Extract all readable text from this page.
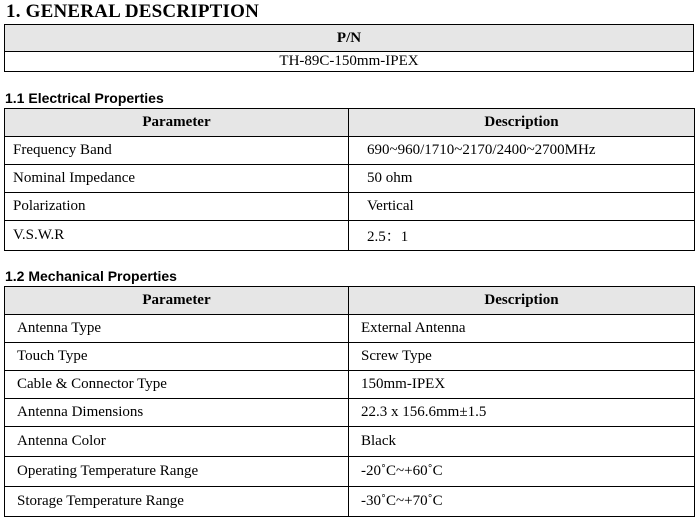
1. GENERAL DESCRIPTION
P/N
TH-89C-150mm-IPEX
1.1 Electrical Properties
Parameter	Description
Frequency Band	690~960/1710~2170/2400~2700MHz
Nominal Impedance	50 ohm
Polarization	Vertical
V.S.W.R	2.5：1
1.2 Mechanical Properties
Parameter	Description
Antenna Type	External Antenna
Touch Type	Screw Type
Cable & Connector Type	150mm-IPEX
Antenna Dimensions	22.3 x 156.6mm±1.5
Antenna Color	Black
Operating Temperature Range	-20˚C~+60˚C
Storage Temperature Range	-30˚C~+70˚C
